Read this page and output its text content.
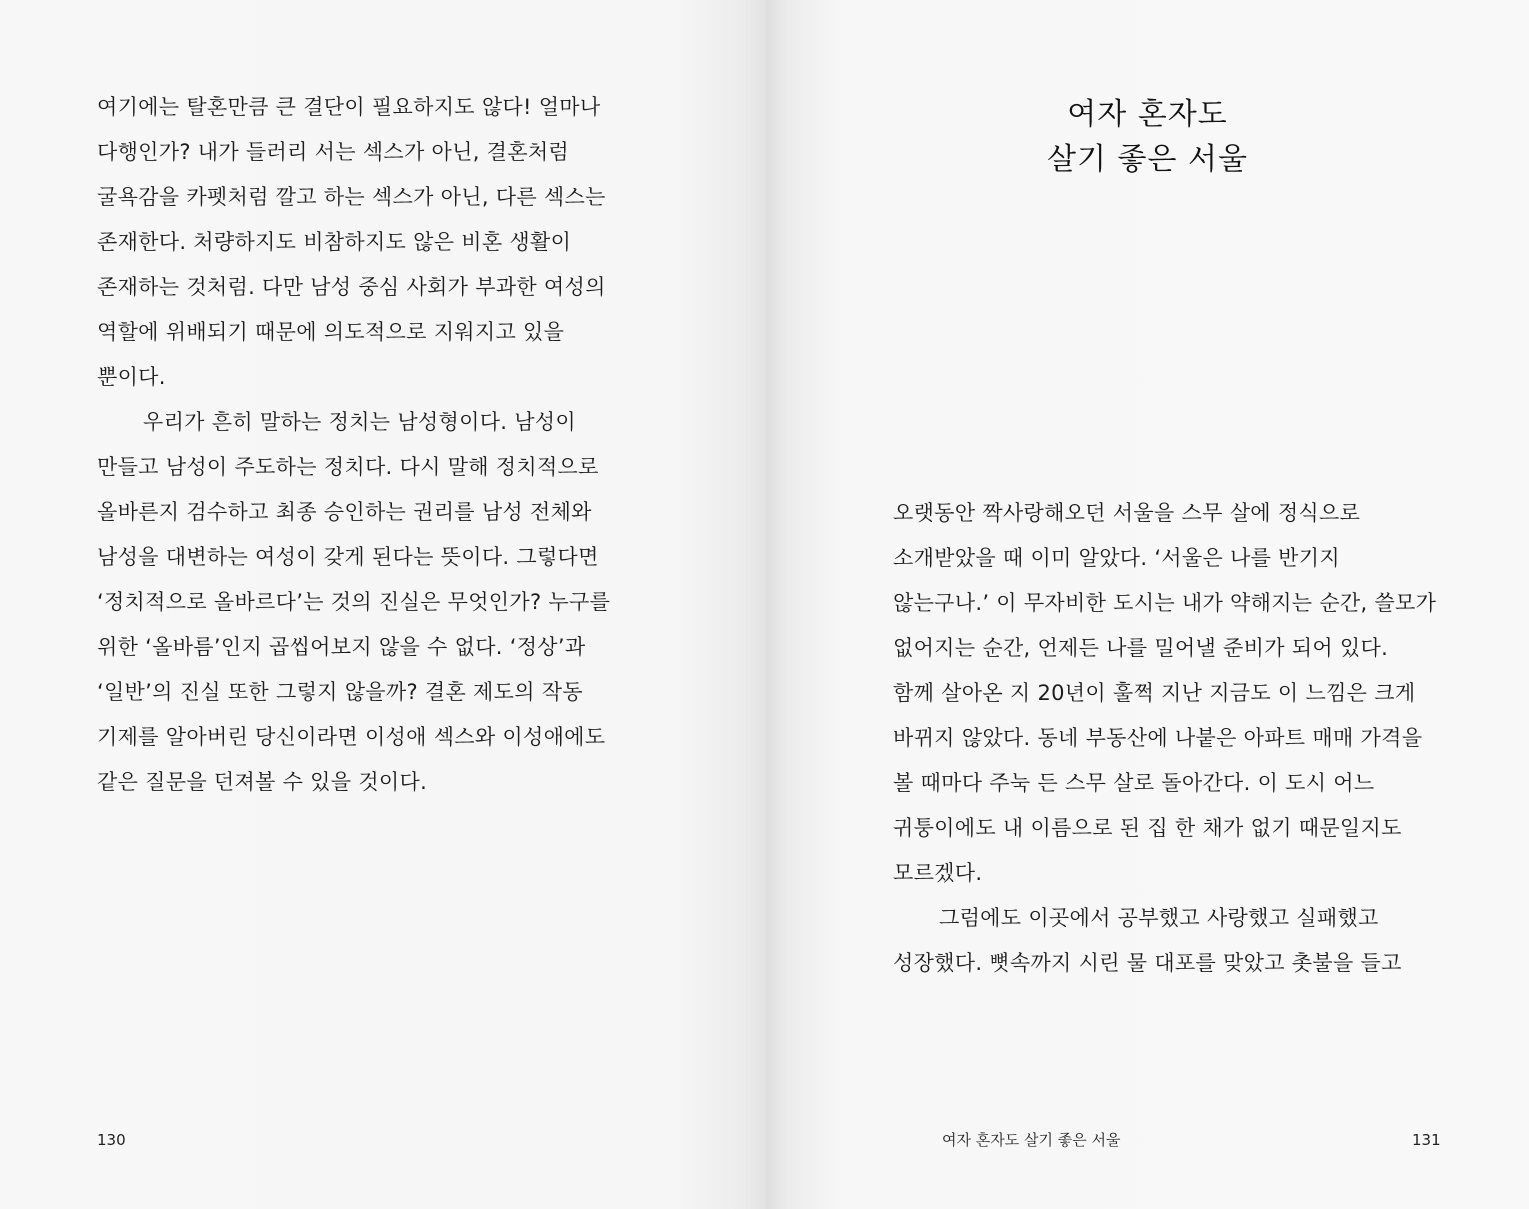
여기에는 탈혼만큼 큰 결단이 필요하지도 않다! 얼마나
다행인가? 내가 들러리 서는 섹스가 아닌, 결혼처럼
굴욕감을 카펫처럼 깔고 하는 섹스가 아닌, 다른 섹스는
존재한다. 처량하지도 비참하지도 않은 비혼 생활이
존재하는 것처럼. 다만 남성 중심 사회가 부과한 여성의
역할에 위배되기 때문에 의도적으로 지워지고 있을
뿐이다.
우리가 흔히 말하는 정치는 남성형이다. 남성이
만들고 남성이 주도하는 정치다. 다시 말해 정치적으로
올바른지 검수하고 최종 승인하는 권리를 남성 전체와
남성을 대변하는 여성이 갖게 된다는 뜻이다. 그렇다면
‘정치적으로 올바르다’는 것의 진실은 무엇인가? 누구를
위한 ‘올바름’인지 곱씹어보지 않을 수 없다. ‘정상’과
‘일반’의 진실 또한 그렇지 않을까? 결혼 제도의 작동
기제를 알아버린 당신이라면 이성애 섹스와 이성애에도
같은 질문을 던져볼 수 있을 것이다.
130
여자 혼자도
살기 좋은 서울
오랫동안 짝사랑해오던 서울을 스무 살에 정식으로
소개받았을 때 이미 알았다. ‘서울은 나를 반기지
않는구나.’ 이 무자비한 도시는 내가 약해지는 순간, 쓸모가
없어지는 순간, 언제든 나를 밀어낼 준비가 되어 있다.
함께 살아온 지 20년이 훌쩍 지난 지금도 이 느낌은 크게
바뀌지 않았다. 동네 부동산에 나붙은 아파트 매매 가격을
볼 때마다 주눅 든 스무 살로 돌아간다. 이 도시 어느
귀퉁이에도 내 이름으로 된 집 한 채가 없기 때문일지도
모르겠다.
그럼에도 이곳에서 공부했고 사랑했고 실패했고
성장했다. 뼛속까지 시린 물 대포를 맞았고 촛불을 들고
여자 혼자도 살기 좋은 서울	131
